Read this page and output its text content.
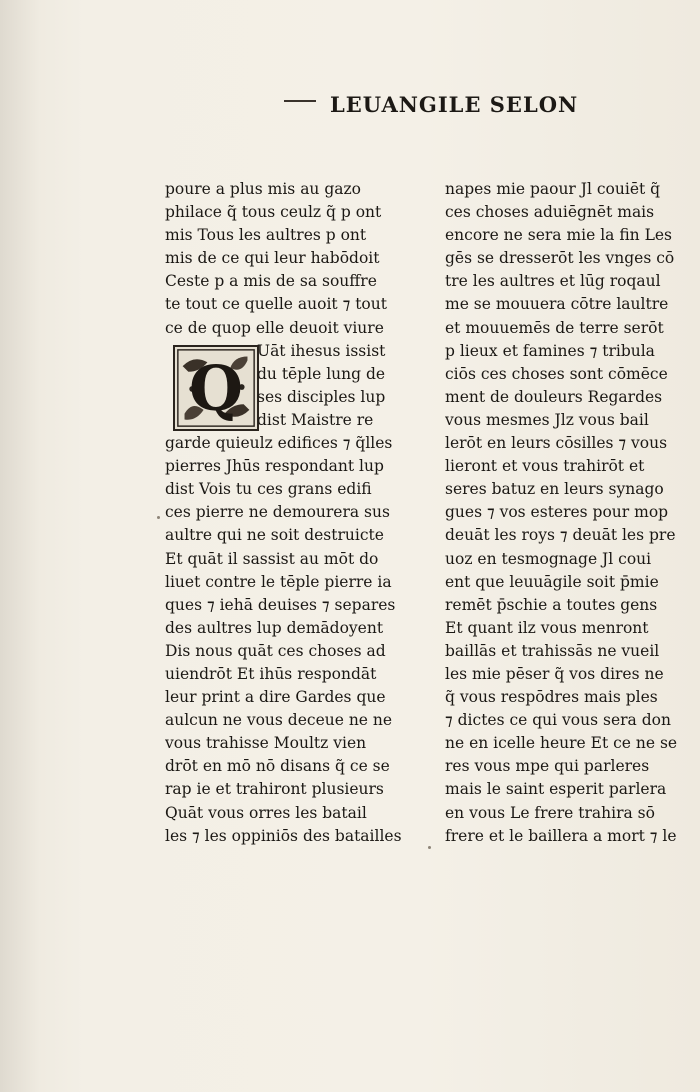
LEUANGILE SELON
Q
poure a plus mis au gazo
philace q̃ tous ceulz q̃ p ont
mis Tous les aultres p ont
mis de ce qui leur habōdoit
Ceste p a mis de sa souffre
te tout ce quelle auoit ⁊ tout
ce de quop elle deuoit viure
Uāt ihesus issist
du tēple lung de
ses disciples lup
dist Maistre re
garde quieulz edifices ⁊ q̃lles
pierres Jhūs respondant lup
dist Vois tu ces grans edifi
ces pierre ne demourera sus
aultre qui ne soit destruicte
Et quāt il sassist au mōt do
liuet contre le tēple pierre ia
ques ⁊ iehā deuises ⁊ separes
des aultres lup demādoyent
Dis nous quāt ces choses ad
uiendrōt Et ihūs respondāt
leur print a dire Gardes que
aulcun ne vous deceue ne ne
vous trahisse Moultz vien
drōt en mō nō disans q̃ ce se
rap ie et trahiront plusieurs
Quāt vous orres les batail
les ⁊ les oppiniōs des batailles
napes mie paour Jl couiēt q̃
ces choses aduiēgnēt mais
encore ne sera mie la fin Les
gēs se dresserōt les vnges cō
tre les aultres et lūg roqaul
me se mouuera cōtre laultre
et mouuemēs de terre serōt
p lieux et famines ⁊ tribula
ciōs ces choses sont cōmēce
ment de douleurs Regardes
vous mesmes Jlz vous bail
lerōt en leurs cōsilles ⁊ vous
lieront et vous trahirōt et
seres batuz en leurs synago
gues ⁊ vos esteres pour mop
deuāt les roys ⁊ deuāt les pre
uoz en tesmognage Jl coui
ent que leuuāgile soit p̄mie
remēt p̄schie a toutes gens
Et quant ilz vous menront
baillās et trahissās ne vueil
les mie pēser q̃ vos dires ne
q̃ vous respōdres mais ples
⁊ dictes ce qui vous sera don
ne en icelle heure Et ce ne se
res vous mpe qui parleres
mais le saint esperit parlera
en vous Le frere trahira sō
frere et le baillera a mort ⁊ le
